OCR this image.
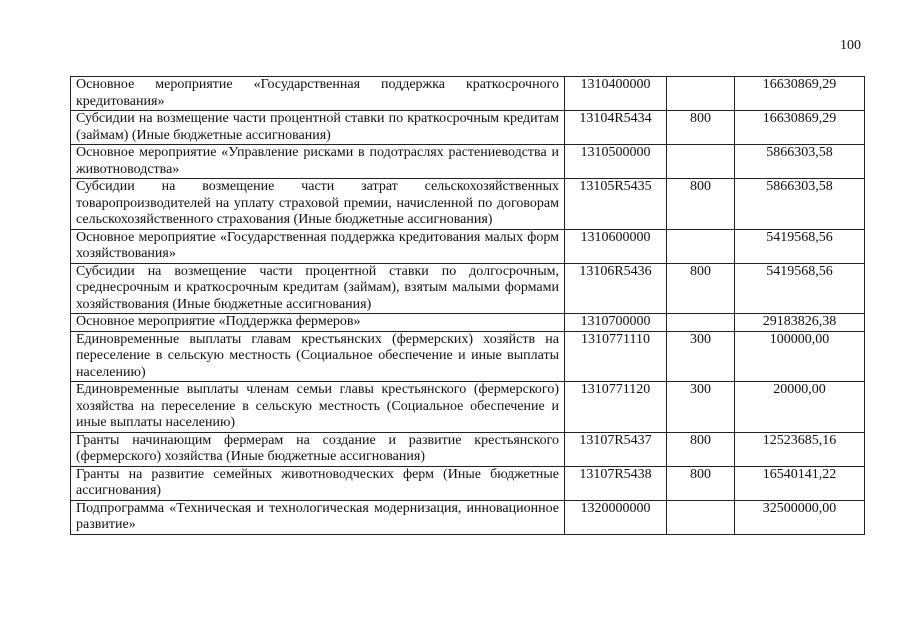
100
Основное мероприятие «Государственная поддержка краткосрочного кредитования»	1310400000		16630869,29
Субсидии на возмещение части процентной ставки по краткосрочным кредитам (займам) (Иные бюджетные ассигнования)	13104R5434	800	16630869,29
Основное мероприятие «Управление рисками в подотраслях растениеводства и животноводства»	1310500000		5866303,58
Субсидии на возмещение части затрат сельскохозяйственных товаропроизводителей на уплату страховой премии, начисленной по договорам сельскохозяйственного страхования (Иные бюджетные ассигнования)	13105R5435	800	5866303,58
Основное мероприятие «Государственная поддержка кредитования малых форм хозяйствования»	1310600000		5419568,56
Субсидии на возмещение части процентной ставки по долгосрочным, среднесрочным и краткосрочным кредитам (займам), взятым малыми формами хозяйствования (Иные бюджетные ассигнования)	13106R5436	800	5419568,56
Основное мероприятие «Поддержка фермеров»	1310700000		29183826,38
Единовременные выплаты главам крестьянских (фермерских) хозяйств на переселение в сельскую местность (Социальное обеспечение и иные выплаты населению)	1310771110	300	100000,00
Единовременные выплаты членам семьи главы крестьянского (фермерского) хозяйства на переселение в сельскую местность (Социальное обеспечение и иные выплаты населению)	1310771120	300	20000,00
Гранты начинающим фермерам на создание и развитие крестьянского (фермерского) хозяйства (Иные бюджетные ассигнования)	13107R5437	800	12523685,16
Гранты на развитие семейных животноводческих ферм (Иные бюджетные ассигнования)	13107R5438	800	16540141,22
Подпрограмма «Техническая и технологическая модернизация, инновационное развитие»	1320000000		32500000,00
